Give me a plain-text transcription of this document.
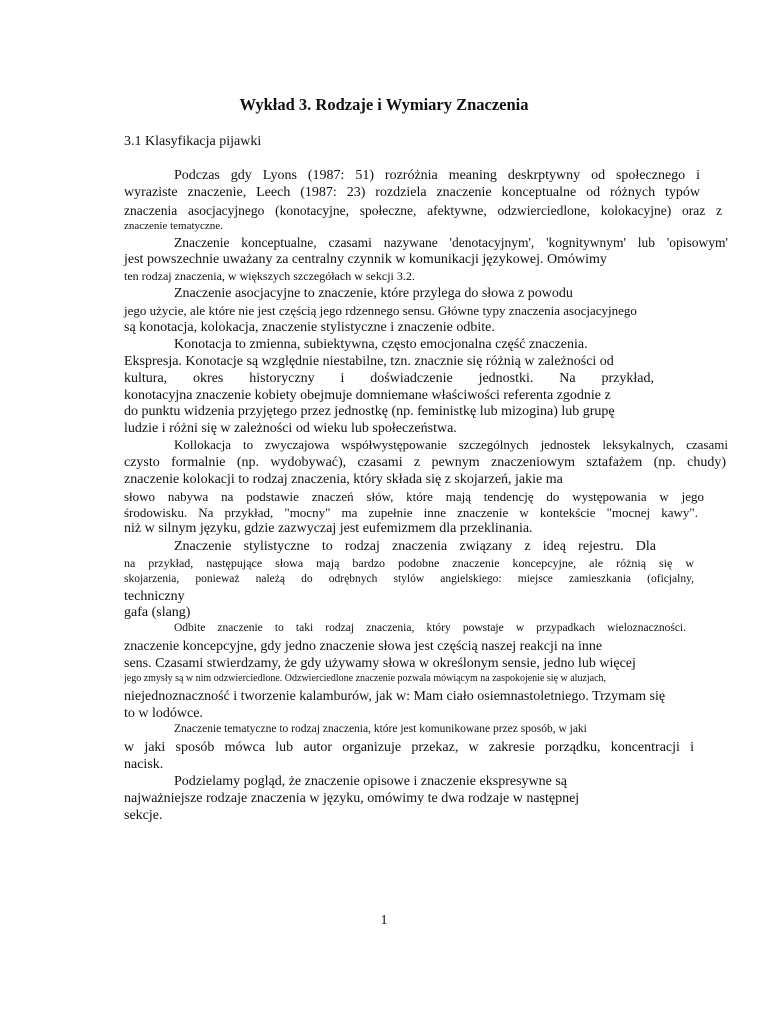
Wykład 3. Rodzaje i Wymiary Znaczenia
3.1 Klasyfikacja pijawki
Podczas gdy Lyons (1987: 51) rozróżnia meaning deskrptywny od społecznego i
wyraziste znaczenie, Leech (1987: 23) rozdziela znaczenie konceptualne od różnych typów
znaczenia asocjacyjnego (konotacyjne, społeczne, afektywne, odzwierciedlone, kolokacyjne) oraz z
znaczenie tematyczne.
Znaczenie konceptualne, czasami nazywane 'denotacyjnym', 'kognitywnym' lub 'opisowym'
jest powszechnie uważany za centralny czynnik w komunikacji językowej. Omówimy
ten rodzaj znaczenia, w większych szczegółach w sekcji 3.2.
Znaczenie asocjacyjne to znaczenie, które przylega do słowa z powodu
jego użycie, ale które nie jest częścią jego rdzennego sensu. Główne typy znaczenia asocjacyjnego
są konotacja, kolokacja, znaczenie stylistyczne i znaczenie odbite.
Konotacja to zmienna, subiektywna, często emocjonalna część znaczenia.
Ekspresja. Konotacje są względnie niestabilne, tzn. znacznie się różnią w zależności od
kultura, okres historyczny i doświadczenie jednostki. Na przykład,
konotacyjna znaczenie kobiety obejmuje domniemane właściwości referenta zgodnie z
do punktu widzenia przyjętego przez jednostkę (np. feministkę lub mizogina) lub grupę
ludzie i różni się w zależności od wieku lub społeczeństwa.
Kollokacja to zwyczajowa współwystępowanie szczególnych jednostek leksykalnych, czasami
czysto formalnie (np. wydobywać), czasami z pewnym znaczeniowym sztafażem (np. chudy)
znaczenie kolokacji to rodzaj znaczenia, który składa się z skojarzeń, jakie ma
słowo nabywa na podstawie znaczeń słów, które mają tendencję do występowania w jego
środowisku. Na przykład, "mocny" ma zupełnie inne znaczenie w kontekście "mocnej kawy".
niż w silnym języku, gdzie zazwyczaj jest eufemizmem dla przeklinania.
Znaczenie stylistyczne to rodzaj znaczenia związany z ideą rejestru. Dla
na przykład, następujące słowa mają bardzo podobne znaczenie koncepcyjne, ale różnią się w
skojarzenia, ponieważ należą do odrębnych stylów angielskiego: miejsce zamieszkania (oficjalny,
techniczny
gafa (slang)
Odbite znaczenie to taki rodzaj znaczenia, który powstaje w przypadkach wieloznaczności.
znaczenie koncepcyjne, gdy jedno znaczenie słowa jest częścią naszej reakcji na inne
sens. Czasami stwierdzamy, że gdy używamy słowa w określonym sensie, jedno lub więcej
jego zmysły są w nim odzwierciedlone. Odzwierciedlone znaczenie pozwala mówiącym na zaspokojenie się w aluzjach,
niejednoznaczność i tworzenie kalamburów, jak w: Mam ciało osiemnastoletniego. Trzymam się
to w lodówce.
Znaczenie tematyczne to rodzaj znaczenia, które jest komunikowane przez sposób, w jaki
w jaki sposób mówca lub autor organizuje przekaz, w zakresie porządku, koncentracji i
nacisk.
Podzielamy pogląd, że znaczenie opisowe i znaczenie ekspresywne są
najważniejsze rodzaje znaczenia w języku, omówimy te dwa rodzaje w następnej
sekcje.
1
